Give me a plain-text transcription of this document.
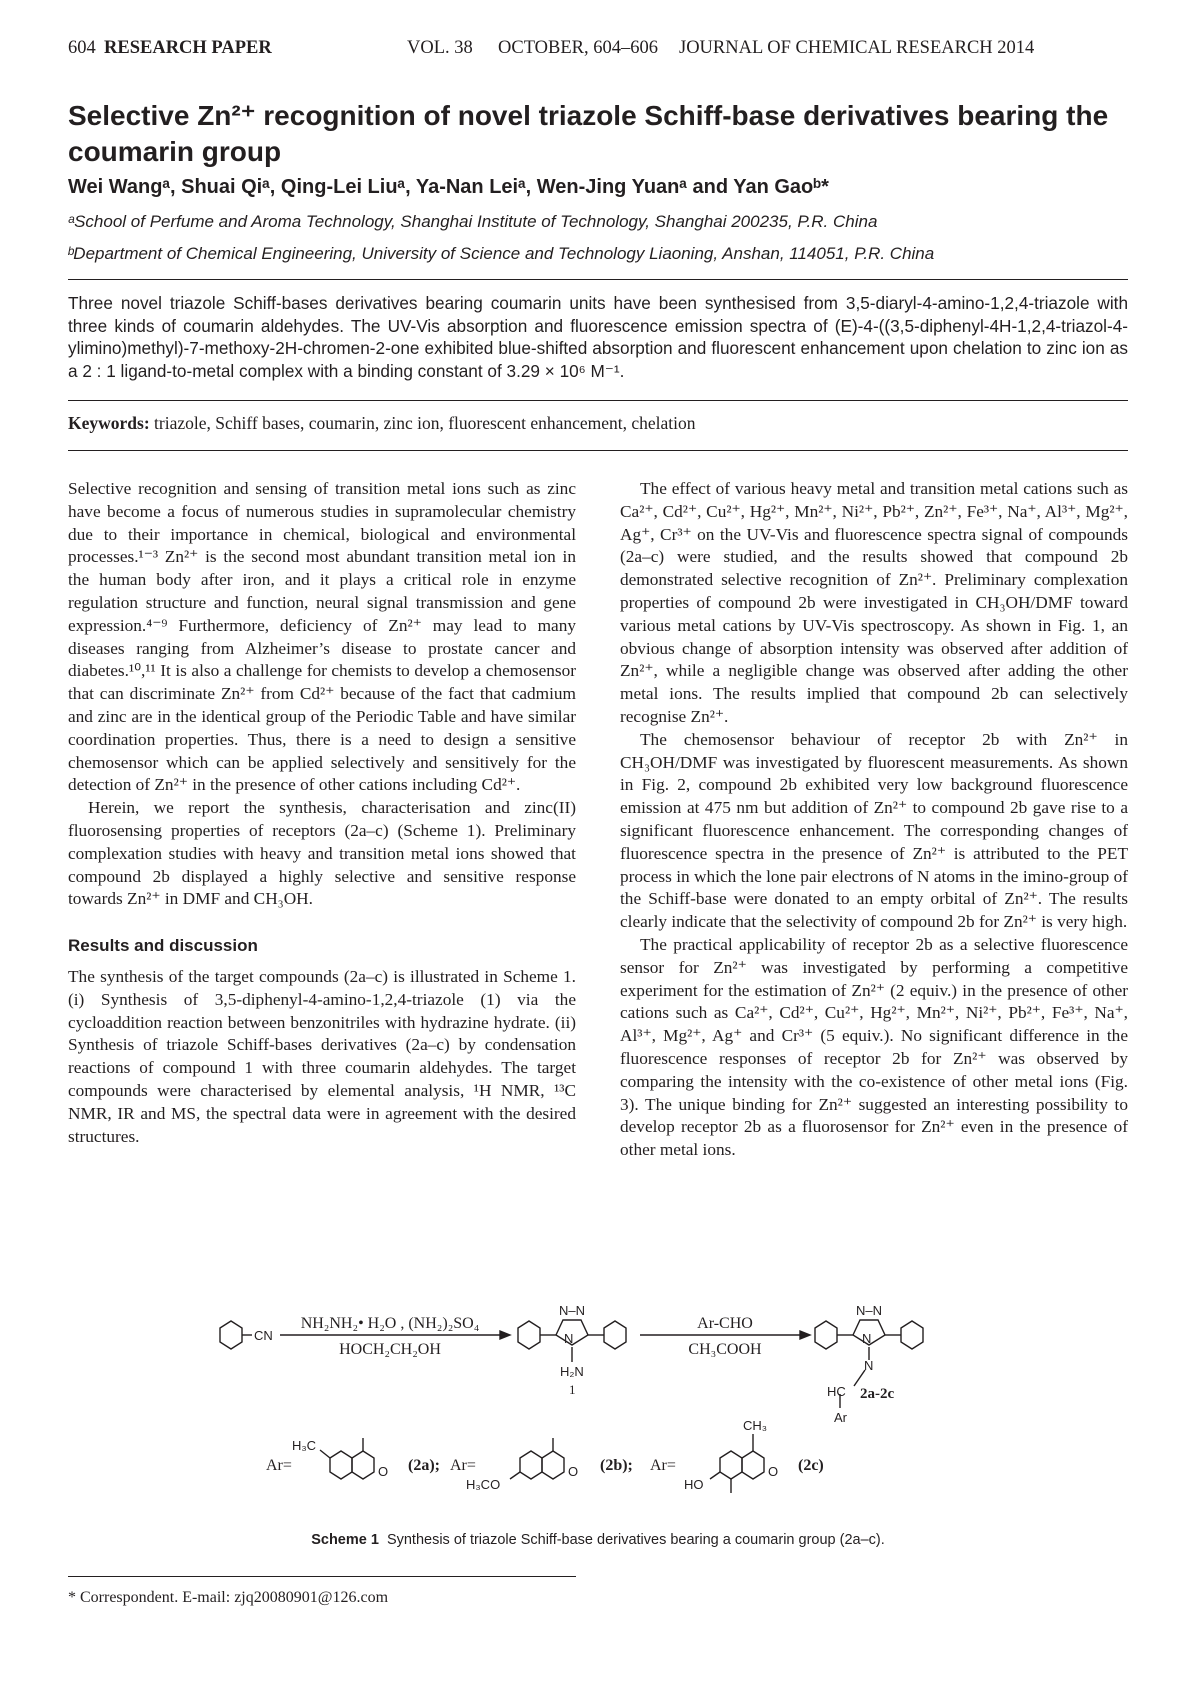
604 RESEARCH PAPER	VOL. 38 OCTOBER, 604–606 JOURNAL OF CHEMICAL RESEARCH 2014
Selective Zn²⁺ recognition of novel triazole Schiff-base derivatives bearing the coumarin group
Wei Wangᵃ, Shuai Qiᵃ, Qing-Lei Liuᵃ, Ya-Nan Leiᵃ, Wen-Jing Yuanᵃ and Yan Gaoᵇ*
ᵃSchool of Perfume and Aroma Technology, Shanghai Institute of Technology, Shanghai 200235, P.R. China
ᵇDepartment of Chemical Engineering, University of Science and Technology Liaoning, Anshan, 114051, P.R. China
Three novel triazole Schiff-bases derivatives bearing coumarin units have been synthesised from 3,5-diaryl-4-amino-1,2,4-triazole with three kinds of coumarin aldehydes. The UV-Vis absorption and fluorescence emission spectra of (E)-4-((3,5-diphenyl-4H-1,2,4-triazol-4-ylimino)methyl)-7-methoxy-2H-chromen-2-one exhibited blue-shifted absorption and fluorescent enhancement upon chelation to zinc ion as a 2 : 1 ligand-to-metal complex with a binding constant of 3.29 × 10⁶ M⁻¹.
Keywords: triazole, Schiff bases, coumarin, zinc ion, fluorescent enhancement, chelation

Selective recognition and sensing of transition metal ions such as zinc have become a focus of numerous studies in supramolecular chemistry due to their importance in chemical, biological and environmental processes.¹⁻³ Zn²⁺ is the second most abundant transition metal ion in the human body after iron, and it plays a critical role in enzyme regulation structure and function, neural signal transmission and gene expression.⁴⁻⁹ Furthermore, deficiency of Zn²⁺ may lead to many diseases ranging from Alzheimer’s disease to prostate cancer and diabetes.¹⁰,¹¹ It is also a challenge for chemists to develop a chemosensor that can discriminate Zn²⁺ from Cd²⁺ because of the fact that cadmium and zinc are in the identical group of the Periodic Table and have similar coordination properties. Thus, there is a need to design a sensitive chemosensor which can be applied selectively and sensitively for the detection of Zn²⁺ in the presence of other cations including Cd²⁺.

Herein, we report the synthesis, characterisation and zinc(II) fluorosensing properties of receptors (2a–c) (Scheme 1). Preliminary complexation studies with heavy and transition metal ions showed that compound 2b displayed a highly selective and sensitive response towards Zn²⁺ in DMF and CH₃OH.

Results and discussion

The synthesis of the target compounds (2a–c) is illustrated in Scheme 1. (i) Synthesis of 3,5-diphenyl-4-amino-1,2,4-triazole (1) via the cycloaddition reaction between benzonitriles with hydrazine hydrate. (ii) Synthesis of triazole Schiff-bases derivatives (2a–c) by condensation reactions of compound 1 with three coumarin aldehydes. The target compounds were characterised by elemental analysis, ¹H NMR, ¹³C NMR, IR and MS, the spectral data were in agreement with the desired structures.

The effect of various heavy metal and transition metal cations such as Ca²⁺, Cd²⁺, Cu²⁺, Hg²⁺, Mn²⁺, Ni²⁺, Pb²⁺, Zn²⁺, Fe³⁺, Na⁺, Al³⁺, Mg²⁺, Ag⁺, Cr³⁺ on the UV-Vis and fluorescence spectra signal of compounds (2a–c) were studied, and the results showed that compound 2b demonstrated selective recognition of Zn²⁺. Preliminary complexation properties of compound 2b were investigated in CH₃OH/DMF toward various metal cations by UV-Vis spectroscopy. As shown in Fig. 1, an obvious change of absorption intensity was observed after addition of Zn²⁺, while a negligible change was observed after adding the other metal ions. The results implied that compound 2b can selectively recognise Zn²⁺.

The chemosensor behaviour of receptor 2b with Zn²⁺ in CH₃OH/DMF was investigated by fluorescent measurements. As shown in Fig. 2, compound 2b exhibited very low background fluorescence emission at 475 nm but addition of Zn²⁺ to compound 2b gave rise to a significant fluorescence enhancement. The corresponding changes of fluorescence spectra in the presence of Zn²⁺ is attributed to the PET process in which the lone pair electrons of N atoms in the imino-group of the Schiff-base were donated to an empty orbital of Zn²⁺. The results clearly indicate that the selectivity of compound 2b for Zn²⁺ is very high.

The practical applicability of receptor 2b as a selective fluorescence sensor for Zn²⁺ was investigated by performing a competitive experiment for the estimation of Zn²⁺ (2 equiv.) in the presence of other cations such as Ca²⁺, Cd²⁺, Cu²⁺, Hg²⁺, Mn²⁺, Ni²⁺, Pb²⁺, Fe³⁺, Na⁺, Al³⁺, Mg²⁺, Ag⁺ and Cr³⁺ (5 equiv.). No significant difference in the fluorescence responses of receptor 2b for Zn²⁺ was observed by comparing the intensity with the co-existence of other metal ions (Fig. 3). The unique binding for Zn²⁺ suggested an interesting possibility to develop receptor 2b as a fluorosensor for Zn²⁺ even in the presence of other metal ions.

CN
NH₂NH₂• H₂O , (NH₂)₂SO₄
HOCH₂CH₂OH
N–N
N
H₂N
1
Ar-CHO
CH₃COOH
N–N
N
N
HC
Ar
2a-2c
Ar=
H₃C
O (2a); Ar=
H₃CO
O (2b); Ar=
CH₃
HO
O (2c)
Scheme 1 Synthesis of triazole Schiff-base derivatives bearing a coumarin group (2a–c).
* Correspondent. E-mail: zjq20080901@126.com
